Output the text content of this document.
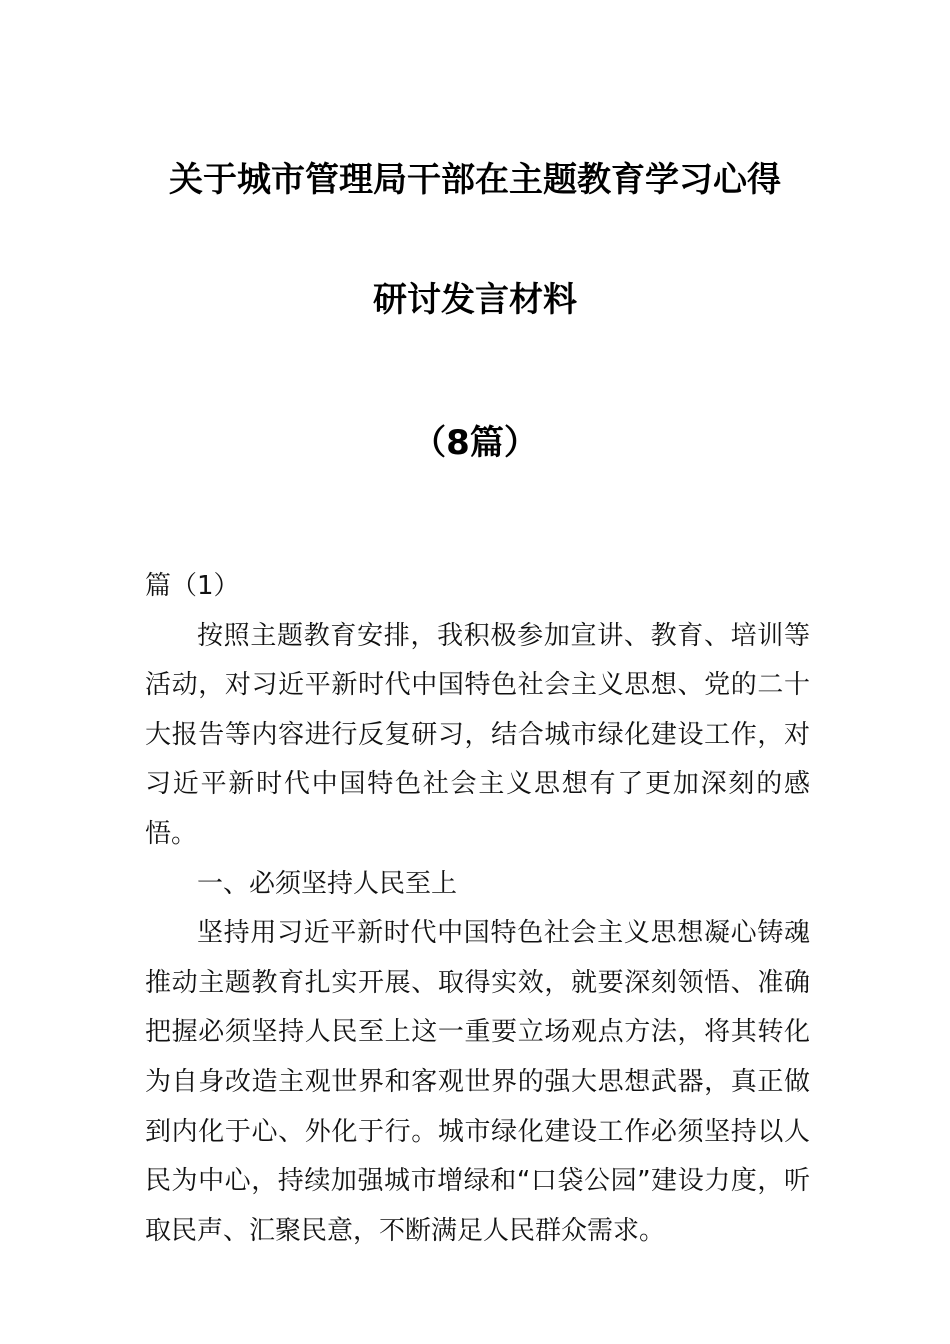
关于城市管理局干部在主题教育学习心得
研讨发言材料
（8篇）

篇（1）

按照主题教育安排，我积极参加宣讲、教育、培训等活动，对习近平新时代中国特色社会主义思想、党的二十大报告等内容进行反复研习，结合城市绿化建设工作，对习近平新时代中国特色社会主义思想有了更加深刻的感悟。

一、必须坚持人民至上

坚持用习近平新时代中国特色社会主义思想凝心铸魂推动主题教育扎实开展、取得实效，就要深刻领悟、准确把握必须坚持人民至上这一重要立场观点方法，将其转化为自身改造主观世界和客观世界的强大思想武器，真正做到内化于心、外化于行。城市绿化建设工作必须坚持以人民为中心，持续加强城市增绿和“口袋公园”建设力度，听取民声、汇聚民意，不断满足人民群众需求。
